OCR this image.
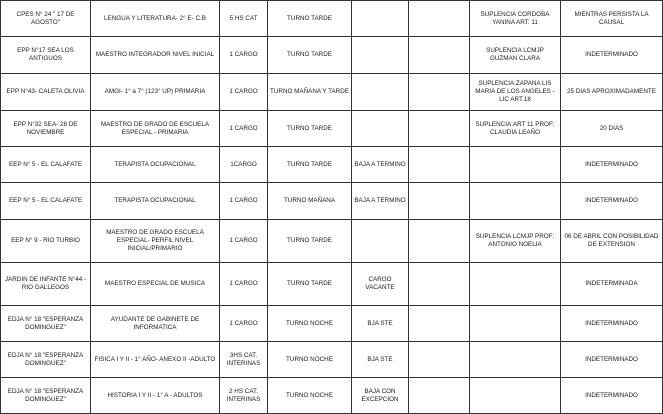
CPES N° 24 " 17 DE AGOSTO"	LENGUA Y LITERATURA- 2° E- C.B	5 HS CAT	TURNO TARDE			SUPLENCIA CORDOBA YANINA ART: 11	MIENTRAS PERSISTA LA CAUSAL
EPP N°17 SEA LOS ANTIGUOS	MAESTRO INTEGRADOR NIVEL INICIAL	1 CARGO	TURNO TARDE			SUPLENCIA LCMJP GUZMAN CLARA	INDETERMINADO
EPP N°43- CALETA OLIVIA	AMGI- 1° a 7° (123° UP) PRIMARIA	1 CARGO	TURNO MAÑANA Y TARDE			SUPLENCIA:ZAPANA LIS MARIA DE LOS ANGELES - LIC ART.18	25 DIAS APROXIMADAMENTE
EPP N°32 SEA- 28 DE NOVIEMBRE	MAESTRO DE GRADO DE ESCUELA ESPECIAL - PRIMARIA	1 CARGO	TURNO TARDE			SUPLENCIA:ART 11 PROF: CLAUDIA LEAÑO	20 DIAS
EEP N° 5 - EL CALAFATE	TERAPISTA OCUPACIONAL	1CARGO	TURNO TARDE	BAJA A TERMINO			INDETERMINADO
EEP N° 5 - EL CALAFATE	TERAPISTA OCUPACIONAL	1 CARGO	TURNO MAÑANA	BAJA A TERMINO			INDETERMINADO
EEP N° 9 - RIO TURBIO	MAESTRO DE GRADO ESCUELA ESPECIAL- PERFIL NIVEL INICIAL/PRIMARIO	1 CARGO	TURNO TARDE			SUPLENCIA LCMJP PROF: ANTONIO NOELIA	06 DE ABRIL CON POSIBILIDAD DE EXTENSION
JARDIN DE INFANTE N°44 - RIO GALLEGOS	MAESTRO ESPECIAL DE MUSICA	1 CARGO	TURNO TARDE	CARGO VACANTE			INDETERMINADA
EDJA N° 18 "ESPERANZA DOMINGUEZ"	AYUDANTE DE GABINETE DE INFORMATICA	1 CARGO	TURNO NOCHE	BJA STE			INDETERMINADO
EDJA N° 18 "ESPERANZA DOMINGUEZ"	FISICA I Y II - 1° AÑO- ANEXO II -ADULTO	3HS CAT. INTERINAS	TURNO NOCHE	BJA STE			INDETERMINADO
EDJA N° 18 "ESPERANZA DOMINGUEZ"	HISTORIA I Y II - 1° A - ADULTOS	2 HS CAT. INTERINAS	TURNO NOCHE	BAJA CON EXCEPCION			INDETERMINADO
